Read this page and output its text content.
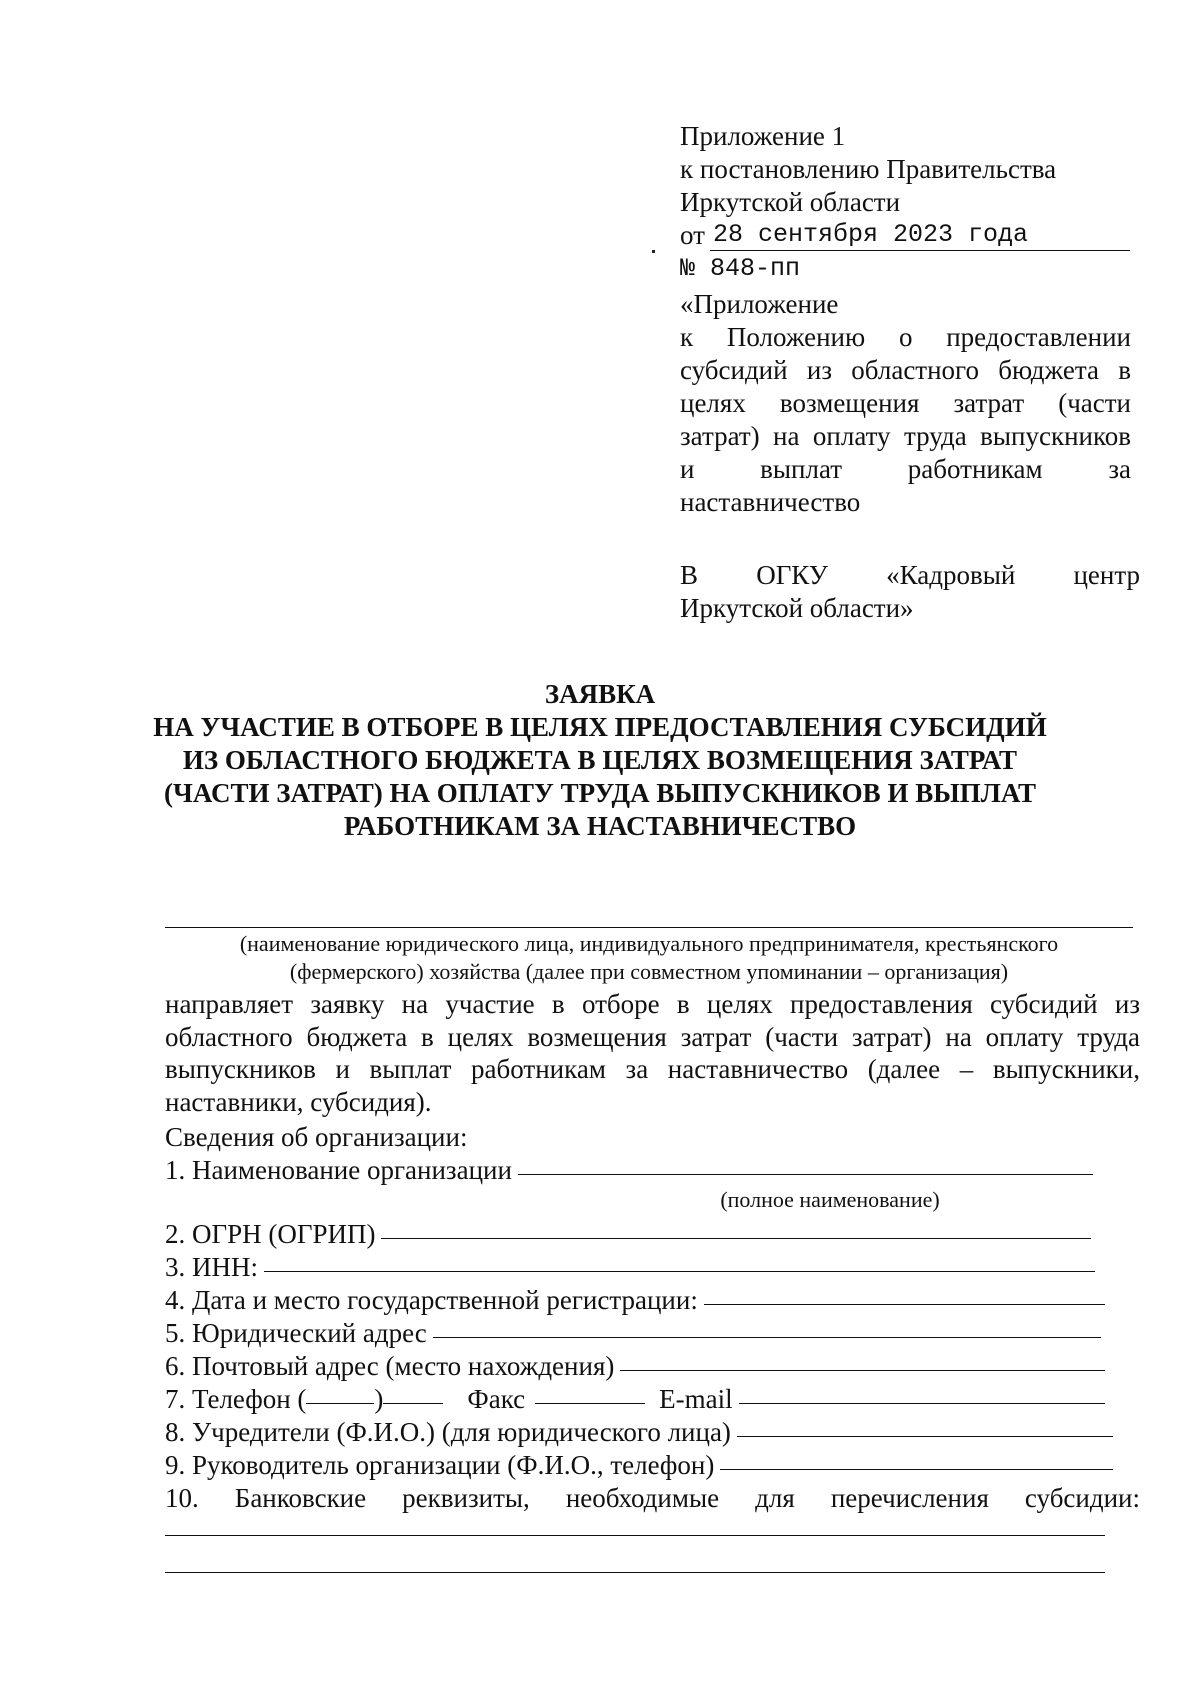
Приложение 1
к постановлению Правительства
Иркутской области
от 28 сентября 2023 года
№ 848-пп
«Приложение
к Положению о предоставлении
субсидий из областного бюджета в
целях возмещения затрат (части
затрат) на оплату труда выпускников
и выплат работникам за
наставничество
В ОГКУ «Кадровый центр
Иркутской области»
ЗАЯВКА
НА УЧАСТИЕ В ОТБОРЕ В ЦЕЛЯХ ПРЕДОСТАВЛЕНИЯ СУБСИДИЙ
ИЗ ОБЛАСТНОГО БЮДЖЕТА В ЦЕЛЯХ ВОЗМЕЩЕНИЯ ЗАТРАТ
(ЧАСТИ ЗАТРАТ) НА ОПЛАТУ ТРУДА ВЫПУСКНИКОВ И ВЫПЛАТ
РАБОТНИКАМ ЗА НАСТАВНИЧЕСТВО
(наименование юридического лица, индивидуального предпринимателя, крестьянского
(фермерского) хозяйства (далее при совместном упоминании – организация)
направляет заявку на участие в отборе в целях предоставления субсидий из областного бюджета в целях возмещения затрат (части затрат) на оплату труда выпускников и выплат работникам за наставничество (далее – выпускники, наставники, субсидия).
Сведения об организации:
1. Наименование организации
(полное наименование)
2. ОГРН (ОГРИП)
3. ИНН:
4. Дата и место государственной регистрации:
5. Юридический адрес
6. Почтовый адрес (место нахождения)
7. Телефон (	)	Факс	E-mail
8. Учредители (Ф.И.О.) (для юридического лица)
9. Руководитель организации (Ф.И.О., телефон)
10. Банковские реквизиты, необходимые для перечисления субсидии:
